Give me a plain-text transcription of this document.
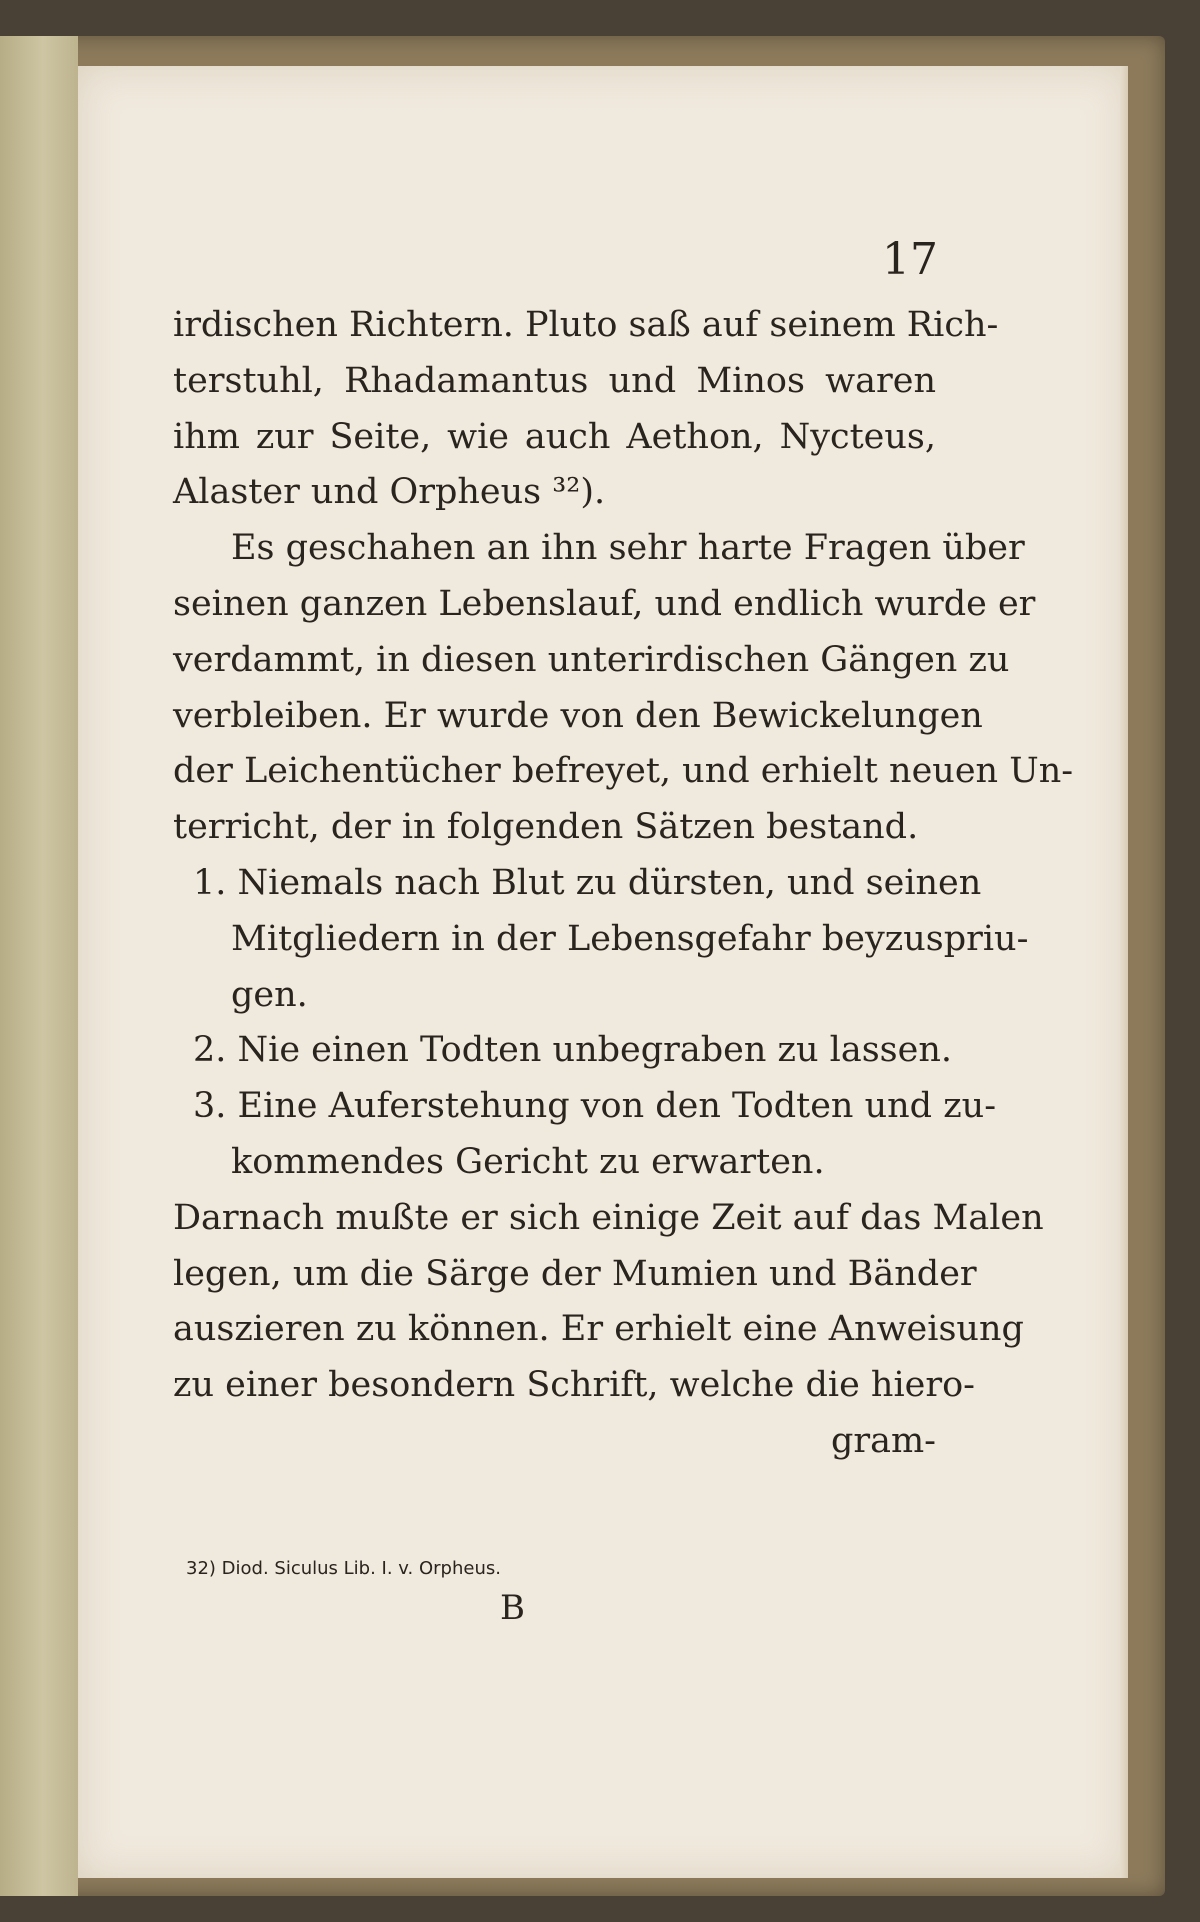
17
irdischen Richtern. Pluto saß auf seinem Rich‑
terstuhl, Rhadamantus und Minos waren
ihm zur Seite, wie auch Aethon, Nycteus,
Alaster und Orpheus ³²).
Es geschahen an ihn sehr harte Fragen über
seinen ganzen Lebenslauf, und endlich wurde er
verdammt, in diesen unterirdischen Gängen zu
verbleiben. Er wurde von den Bewickelungen
der Leichentücher befreyet, und erhielt neuen Un‑
terricht, der in folgenden Sätzen bestand.
1. Niemals nach Blut zu dürsten, und seinen
Mitgliedern in der Lebensgefahr beyzuspriu‑
gen.
2. Nie einen Todten unbegraben zu lassen.
3. Eine Auferstehung von den Todten und zu‑
kommendes Gericht zu erwarten.
Darnach mußte er sich einige Zeit auf das Malen
legen, um die Särge der Mumien und Bänder
auszieren zu können. Er erhielt eine Anweisung
zu einer besondern Schrift, welche die hiero‑
gram‑
32) Diod. Siculus Lib. I. v. Orpheus.
B
